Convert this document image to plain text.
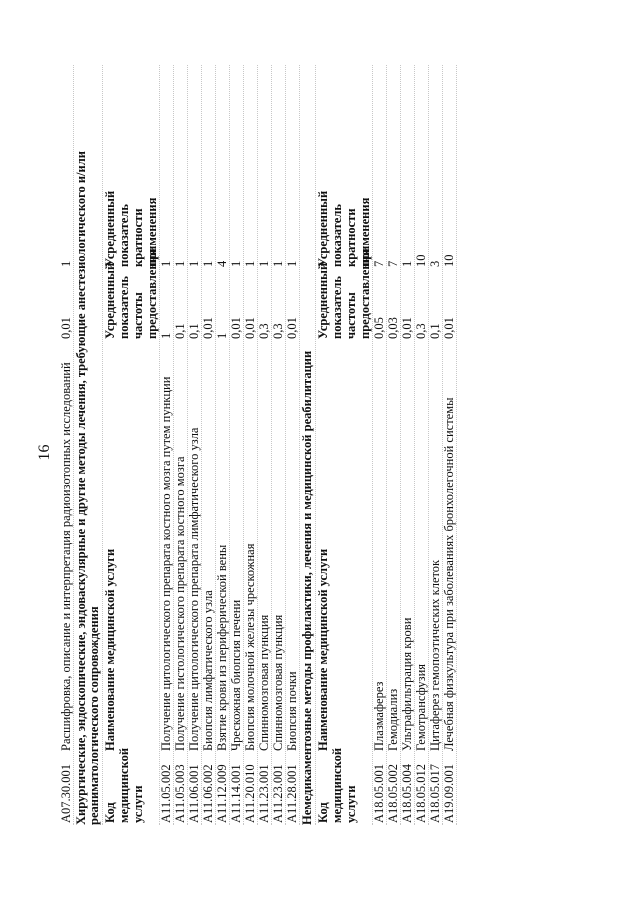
16
A07.30.001
Расшифровка, описание и интерпретация радиоизотопных исследований
0,01
1 Хирургические, эндоскопические, эндоваскулярные и другие методы лечения, требующие анестезиологического и/или реаниматологического сопровождения Код медицинской услуги
Наименование медицинской услуги
Усредненный показатель частоты предоставления
Усредненный показатель кратности применения
A11.05.002
Получение цитологического препарата костного мозга путем пункции
1
1
A11.05.003
Получение гистологического препарата костного мозга
0,1
1
A11.06.001
Получение цитологического препарата лимфатического узла
0,1
1
A11.06.002
Биопсия лимфатического узла
0,01
1
A11.12.009
Взятие крови из периферической вены
1
4
A11.14.001
Чрескожная биопсия печени
0,01
1
A11.20.010
Биопсия молочной железы чрескожная
0,01
1
A11.23.001
Спинномозговая пункция
0,3
1
A11.23.001
Спинномозговая пункция
0,3
1
A11.28.001
Биопсия почки
0,01
1
Немедикаментозные методы профилактики, лечения и медицинской реабилитации Код медицинской услуги
Наименование медицинской услуги
Усредненный показатель частоты предоставления
Усредненный показатель кратности применения
A18.05.001
Плазмаферез
0,05
7
A18.05.002
Гемодиализ
0,03
7
A18.05.004
Ультрафильтрация крови
0,01
1
A18.05.012
Гемотрансфузия
0,3
10
A18.05.017
Цитаферез гемопоэтических клеток
0,1
3
A19.09.001
Лечебная физкультура при заболеваниях бронхолегочной системы
0,01
10
